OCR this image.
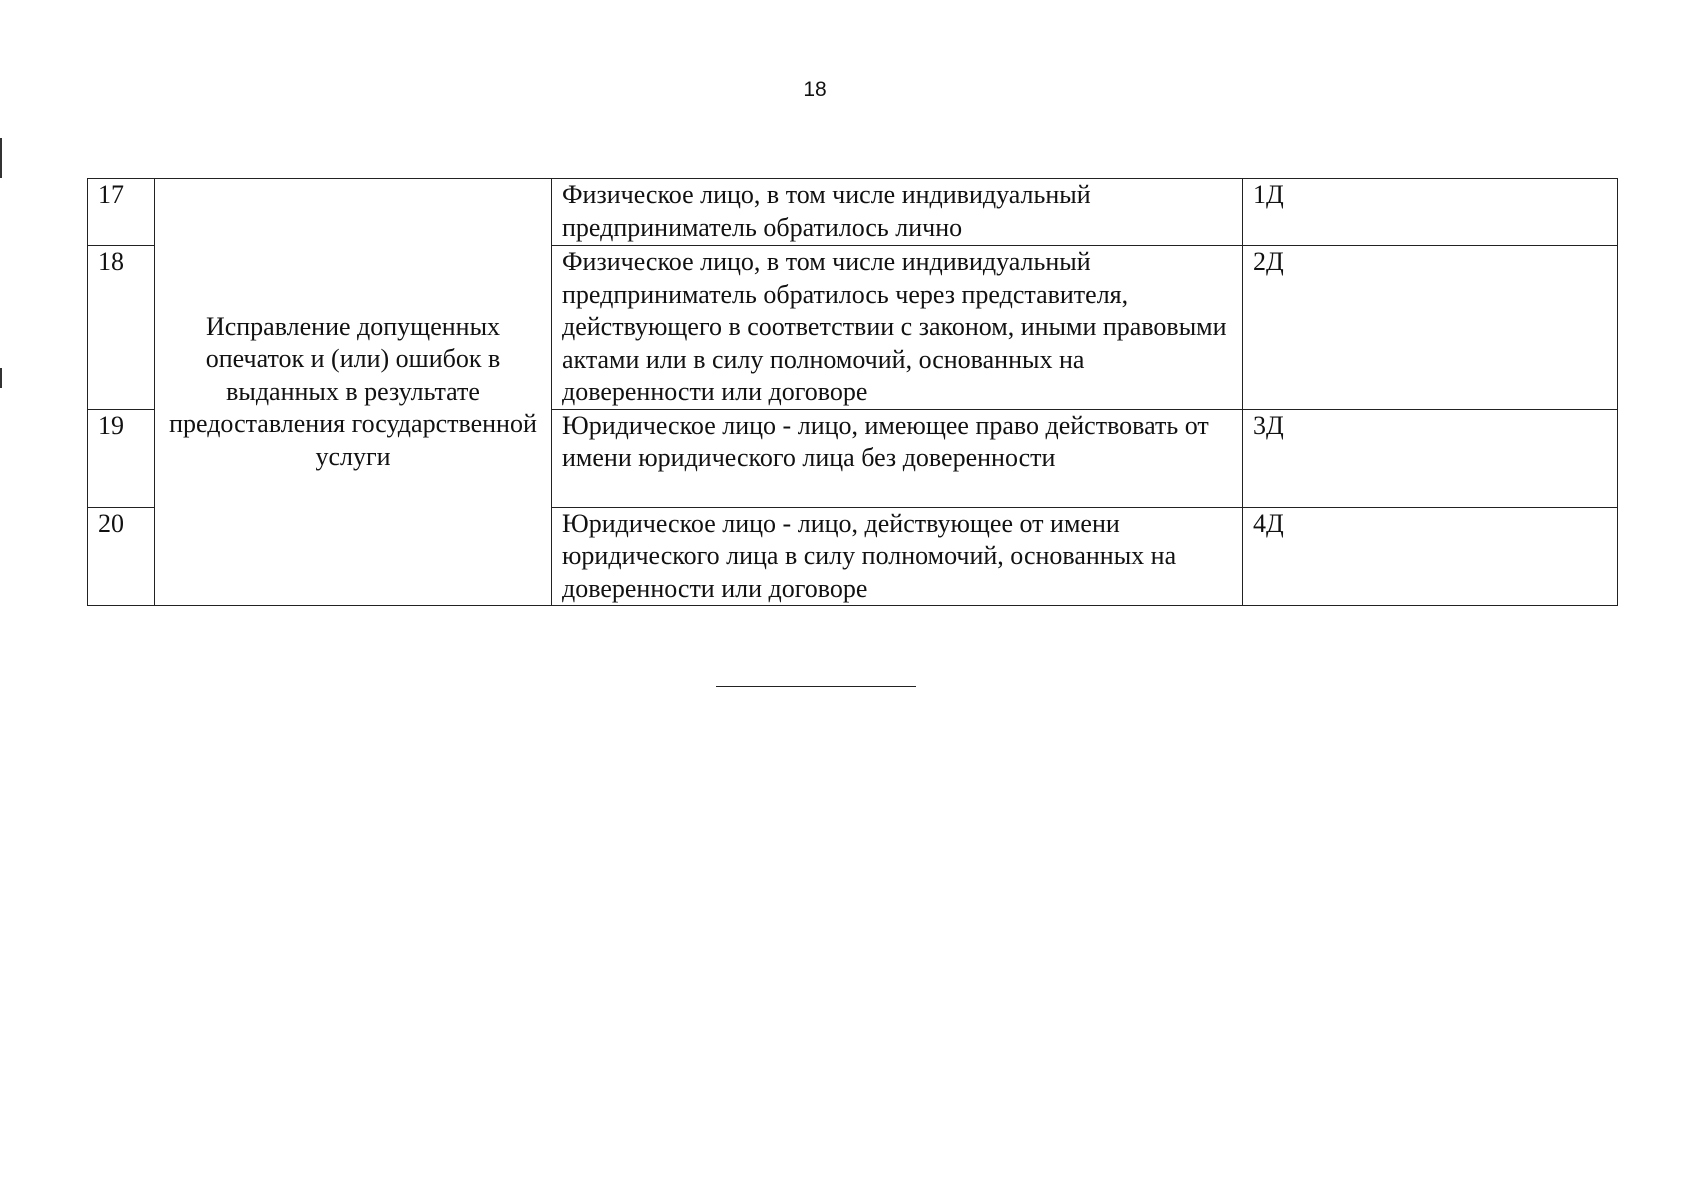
18
17	Исправление допущенных опечаток и (или) ошибок в выданных в результате предоставления государственной услуги	Физическое лицо, в том числе индивидуальный предприниматель обратилось лично	1Д
18		Физическое лицо, в том числе индивидуальный предприниматель обратилось через представителя, действующего в соответствии с законом, иными правовыми актами или в силу полномочий, основанных на доверенности или договоре	2Д
19		Юридическое лицо - лицо, имеющее право действовать от имени юридического лица без доверенности	3Д
20		Юридическое лицо - лицо, действующее от имени юридического лица в силу полномочий, основанных на доверенности или договоре	4Д
